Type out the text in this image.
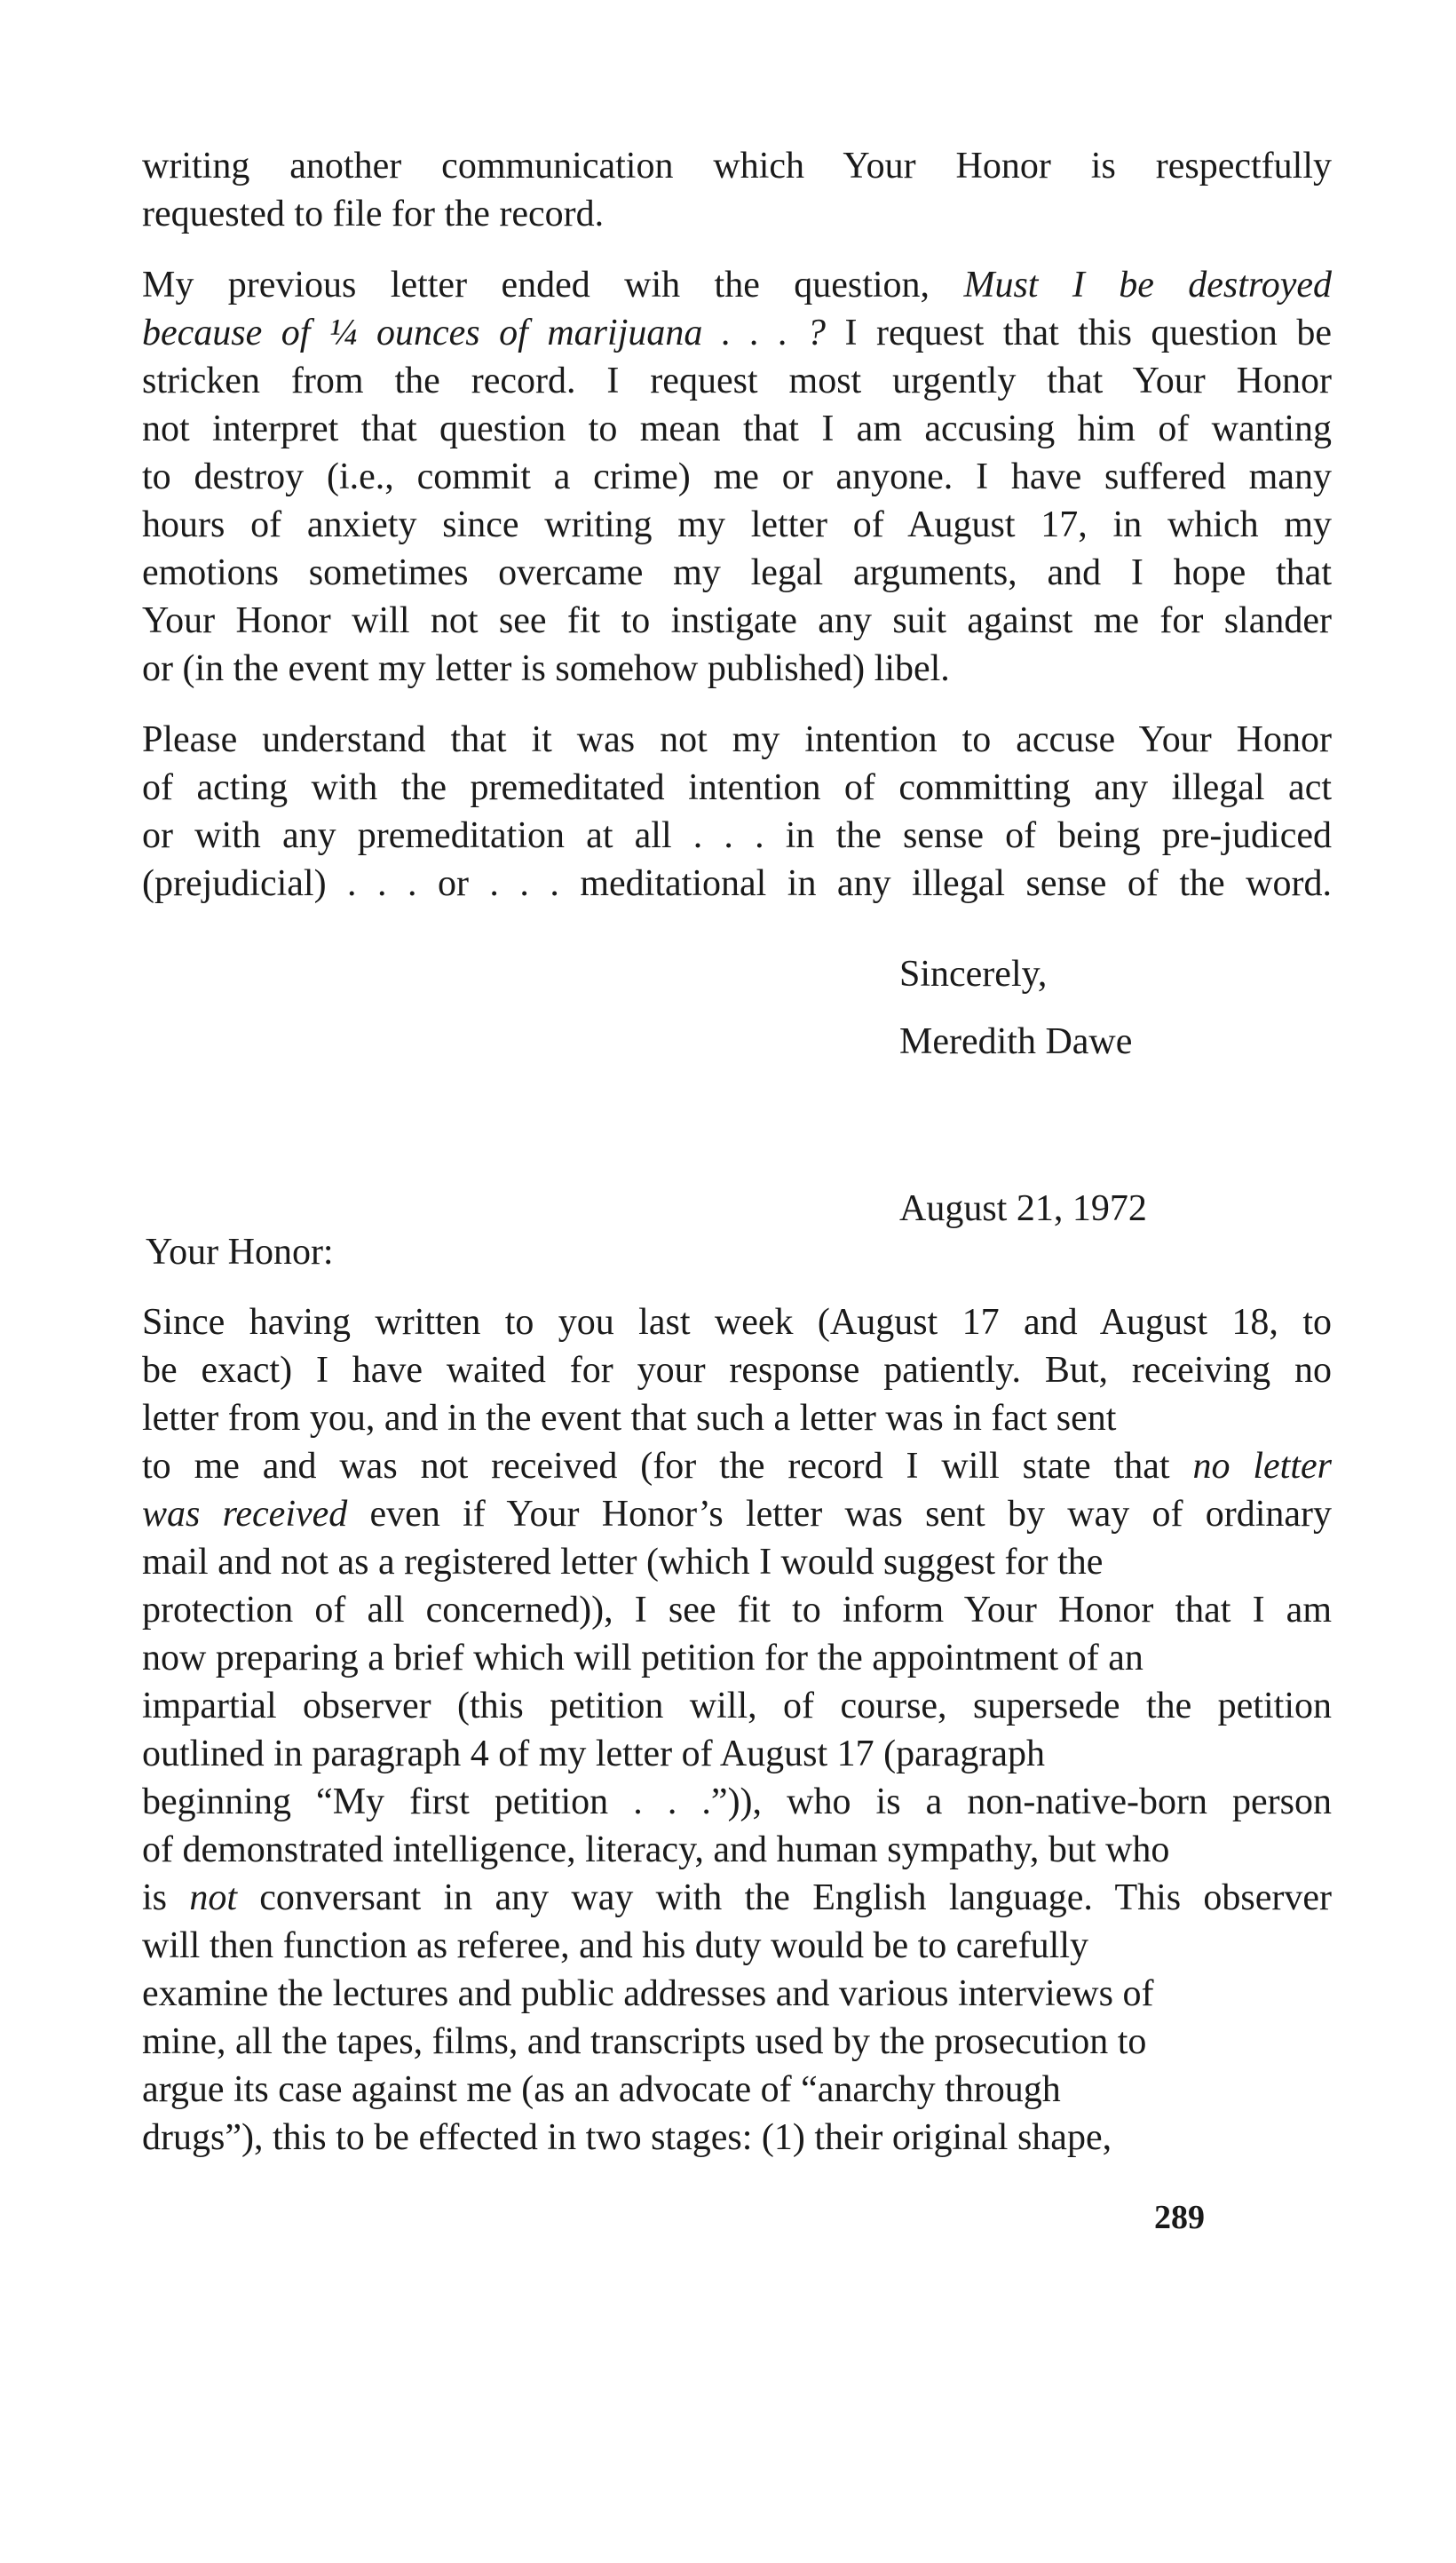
writing another communication which Your Honor is respectfully

requested to file for the record.

My previous letter ended wih the question, Must I be destroyed

because of ¼ ounces of marijuana . . . ? I request that this question be

stricken from the record. I request most urgently that Your Honor

not interpret that question to mean that I am accusing him of wanting

to destroy (i.e., commit a crime) me or anyone. I have suffered many

hours of anxiety since writing my letter of August 17, in which my

emotions sometimes overcame my legal arguments, and I hope that

Your Honor will not see fit to instigate any suit against me for slander

or (in the event my letter is somehow published) libel.

Please understand that it was not my intention to accuse Your Honor

of acting with the premeditated intention of committing any illegal act

or with any premeditation at all . . . in the sense of being pre-judiced

(prejudicial) . . . or . . . meditational in any illegal sense of the word.

Sincerely,
Meredith Dawe
August 21, 1972
Your Honor:

Since having written to you last week (August 17 and August 18, to

be exact) I have waited for your response patiently. But, receiving no

letter from you, and in the event that such a letter was in fact sent

to me and was not received (for the record I will state that no letter

was received even if Your Honor’s letter was sent by way of ordinary

mail and not as a registered letter (which I would suggest for the

protection of all concerned)), I see fit to inform Your Honor that I am

now preparing a brief which will petition for the appointment of an

impartial observer (this petition will, of course, supersede the petition

outlined in paragraph 4 of my letter of August 17 (paragraph

beginning “My first petition . . .”)), who is a non-native-born person

of demonstrated intelligence, literacy, and human sympathy, but who

is not conversant in any way with the English language. This observer

will then function as referee, and his duty would be to carefully

examine the lectures and public addresses and various interviews of

mine, all the tapes, films, and transcripts used by the prosecution to

argue its case against me (as an advocate of “anarchy through

drugs”), this to be effected in two stages: (1) their original shape,

289
